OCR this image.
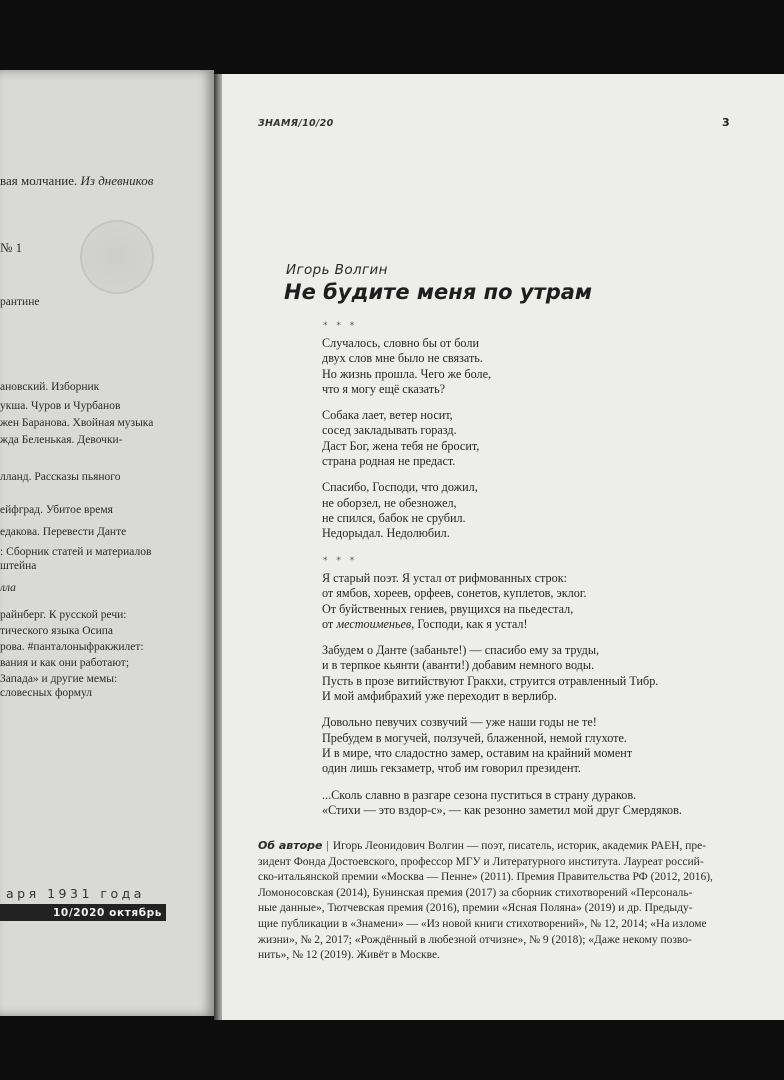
вая молчание. Из дневников
№ 1
рантине
ановский. Изборник
укша. Чуров и Чурбанов
жен Баранова. Хвойная музыка
жда Беленькая. Девочки-
лланд. Рассказы пьяного
ейфград. Убитое время
едакова. Перевести Данте
: Сборник статей и материалов
штейна
лла
райнберг. К русской речи:
тического языка Осипа
рова. #панталоныфракжилет:
вания и как они работают;
Запада» и другие мемы:
словесных формул
аря 1931 года
10/2020 октябрь
ЗНАМЯ/10/20	3
Игорь Волгин
Не будите меня по утрам
* * *
Случалось, словно бы от боли
двух слов мне было не связать.
Но жизнь прошла. Чего же боле,
что я могу ещё сказать?
Собака лает, ветер носит,
сосед закладывать горазд.
Даст Бог, жена тебя не бросит,
страна родная не предаст.
Спасибо, Господи, что дожил,
не оборзел, не обезножел,
не спился, бабок не срубил.
Недорыдал. Недолюбил.
* * *
Я старый поэт. Я устал от рифмованных строк:
от ямбов, хореев, орфеев, сонетов, куплетов, эклог.
От буйственных гениев, рвущихся на пьедестал,
от местоименьев, Господи, как я устал!
Забудем о Данте (забаньте!) — спасибо ему за труды,
и в терпкое кьянти (аванти!) добавим немного воды.
Пусть в прозе витийствуют Гракхи, струится отравленный Тибр.
И мой амфибрахий уже переходит в верлибр.
Довольно певучих созвучий — уже наши годы не те!
Пребудем в могучей, ползучей, блаженной, немой глухоте.
И в мире, что сладостно замер, оставим на крайний момент
один лишь гекзаметр, чтоб им говорил президент.
...Сколь славно в разгаре сезона пуститься в страну дураков.
«Стихи — это вздор-с», — как резонно заметил мой друг Смердяков.
Об авторе | Игорь Леонидович Волгин — поэт, писатель, историк, академик РАЕН, пре-
зидент Фонда Достоевского, профессор МГУ и Литературного института. Лауреат россий-
ско-итальянской премии «Москва — Пенне» (2011). Премия Правительства РФ (2012, 2016),
Ломоносовская (2014), Бунинская премия (2017) за сборник стихотворений «Персональ-
ные данные», Тютчевская премия (2016), премии «Ясная Поляна» (2019) и др. Предыду-
щие публикации в «Знамени» — «Из новой книги стихотворений», № 12, 2014; «На изломе
жизни», № 2, 2017; «Рождённый в любезной отчизне», № 9 (2018); «Даже некому позво-
нить», № 12 (2019). Живёт в Москве.
